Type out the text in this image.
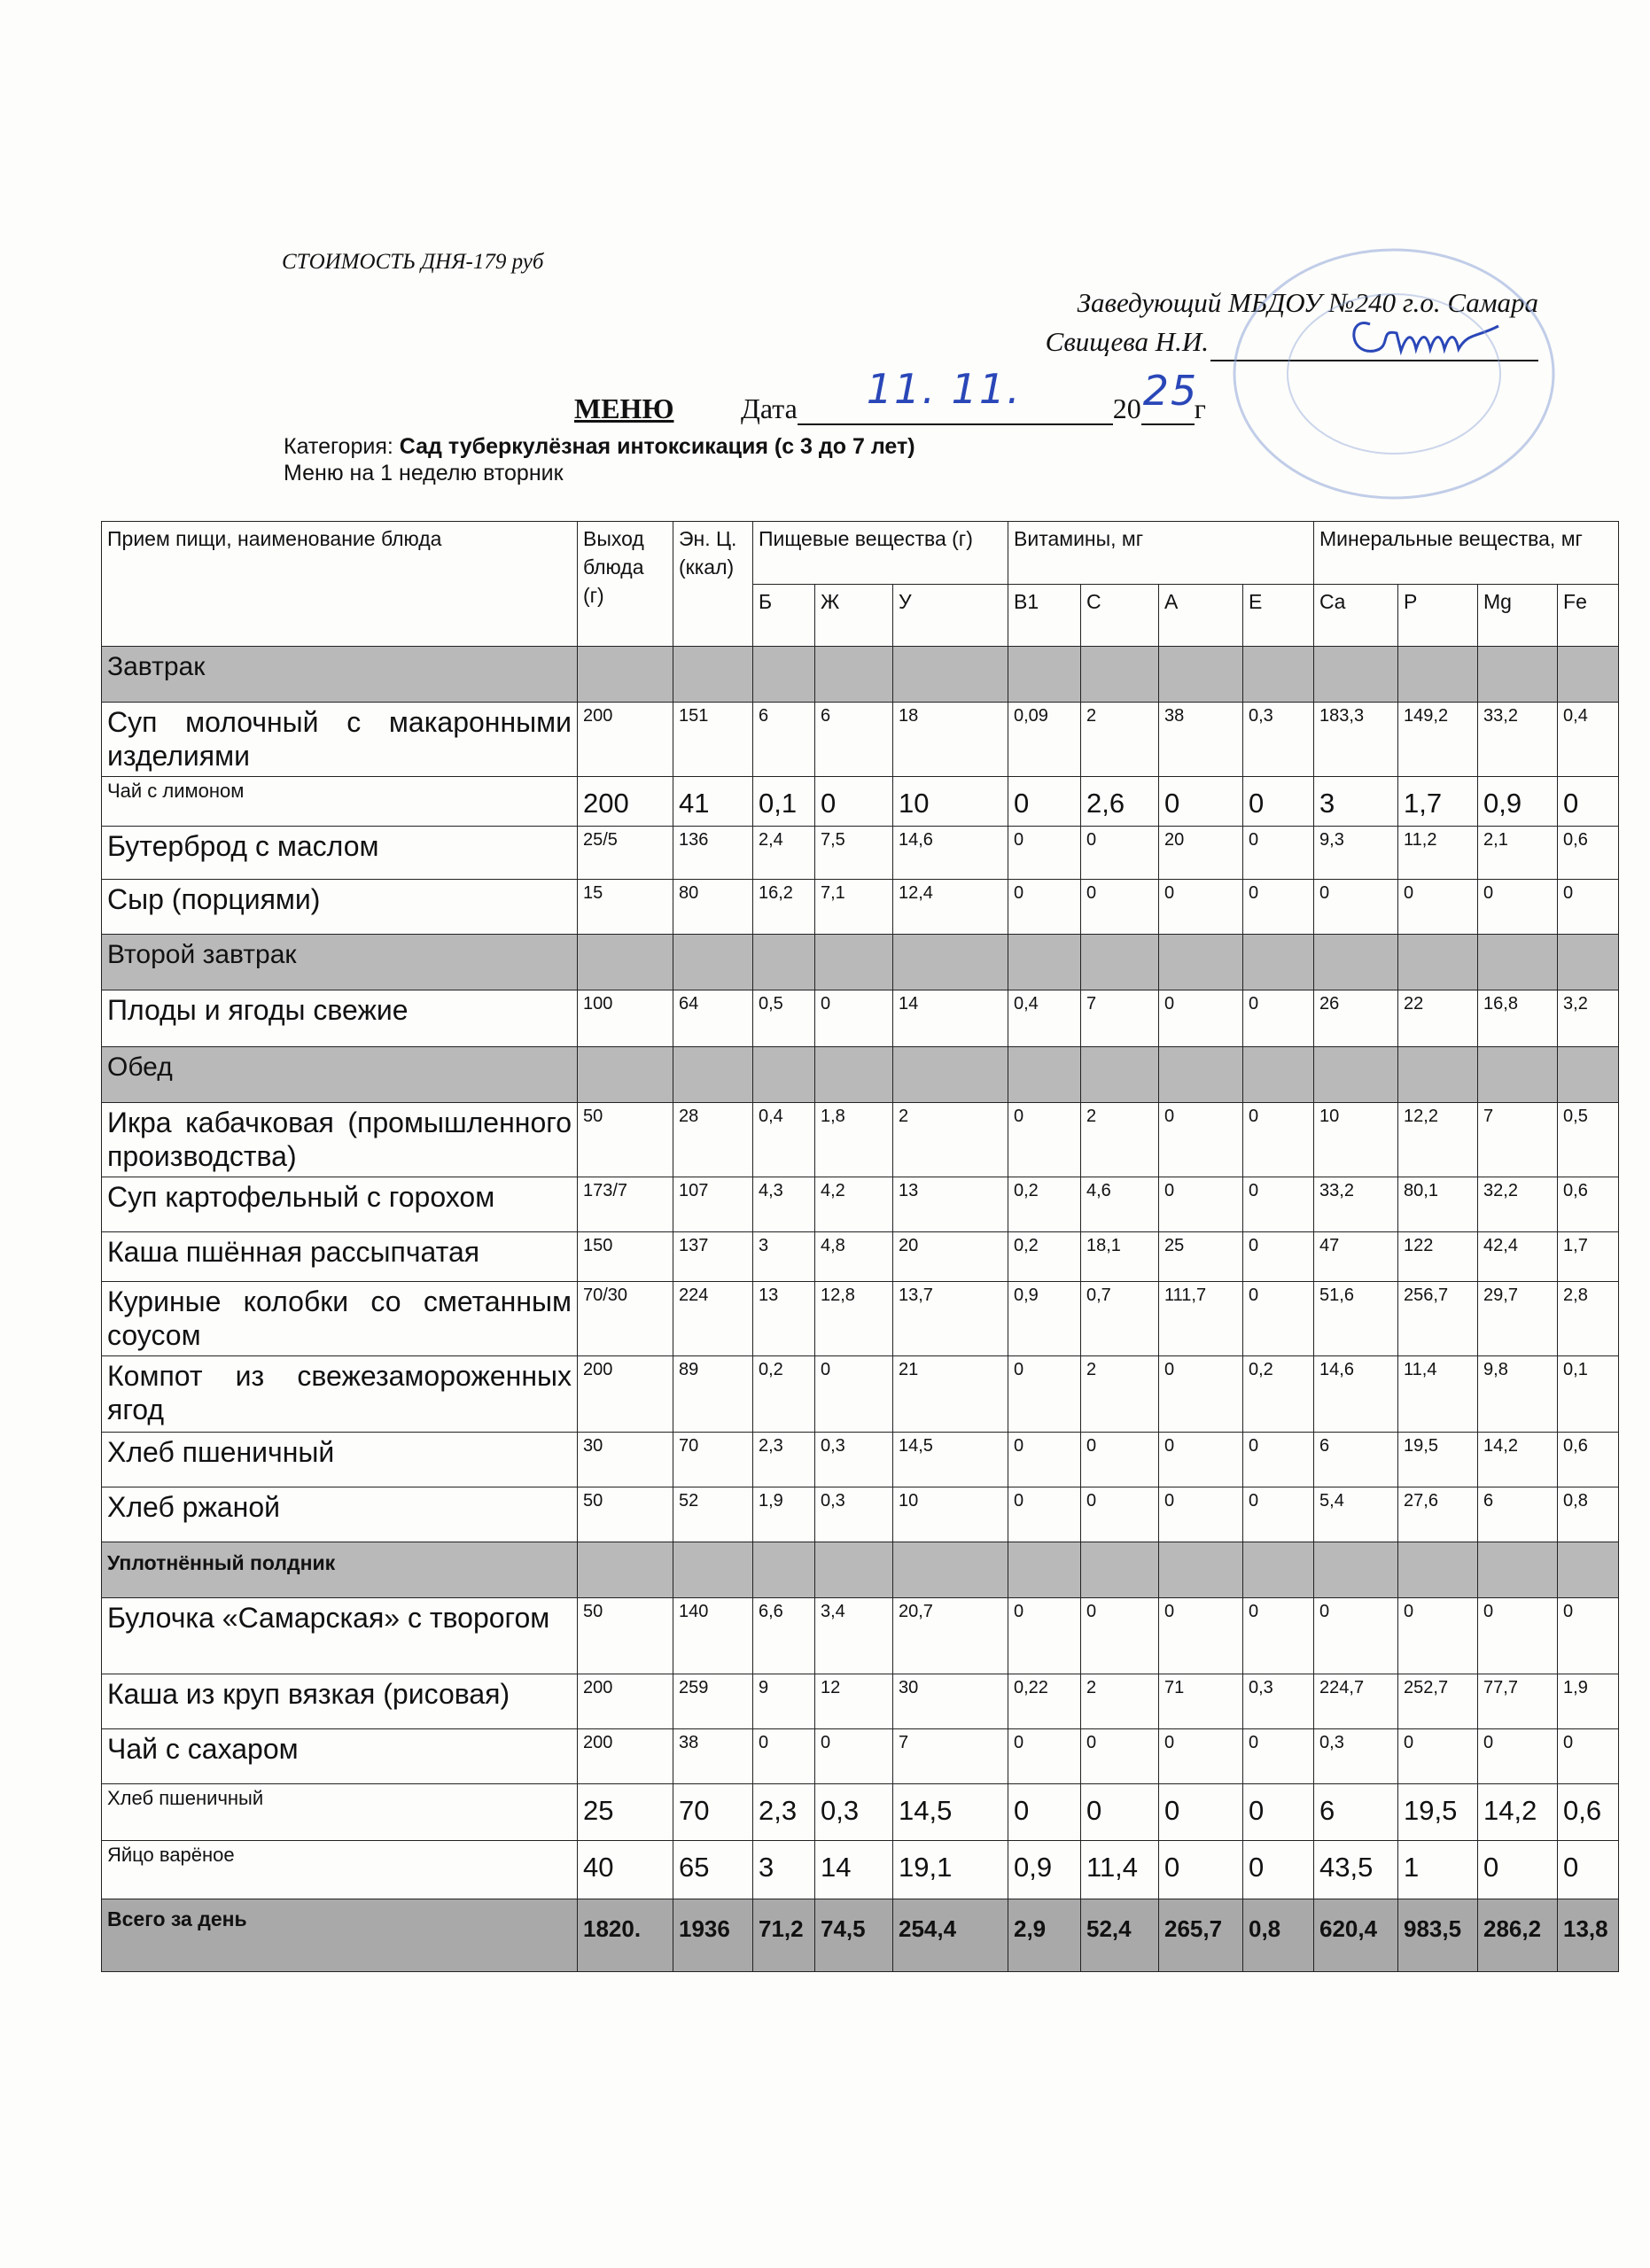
СТОИМОСТЬ ДНЯ-179 руб
Заведующий МБДОУ №240 г.о. Самара
Свищева Н.И.
МЕНЮ Дата 11. 11.	20 25
г
Категория: Сад туберкулёзная интоксикация (с 3 до 7 лет)
Меню на 1 неделю вторник
Прием пищи, наименование блюда	Выход блюда (г)	Эн. Ц. (ккал)	Пищевые вещества (г)			Витамины, мг				Минеральные вещества, мг			
			Б	Ж	У	В1	С	А	Е	Ca	P	Mg	Fe
Завтрак													
Суп молочный с макаронными изделиями	200	151	6	6	18	0,09	2	38	0,3	183,3	149,2	33,2	0,4
Чай с лимоном	200	41	0,1	0	10	0	2,6	0	0	3	1,7	0,9	0
Бутерброд с маслом	25/5	136	2,4	7,5	14,6	0	0	20	0	9,3	11,2	2,1	0,6
Сыр (порциями)	15	80	16,2	7,1	12,4	0	0	0	0	0	0	0	0
Второй завтрак													
Плоды и ягоды свежие	100	64	0,5	0	14	0,4	7	0	0	26	22	16,8	3,2
Обед													
Икра кабачковая (промышленного производства)	50	28	0,4	1,8	2	0	2	0	0	10	12,2	7	0,5
Суп картофельный с горохом	173/7	107	4,3	4,2	13	0,2	4,6	0	0	33,2	80,1	32,2	0,6
Каша пшённая рассыпчатая	150	137	3	4,8	20	0,2	18,1	25	0	47	122	42,4	1,7
Куриные колобки со сметанным соусом	70/30	224	13	12,8	13,7	0,9	0,7	111,7	0	51,6	256,7	29,7	2,8
Компот из свежезамороженных ягод	200	89	0,2	0	21	0	2	0	0,2	14,6	11,4	9,8	0,1
Хлеб пшеничный	30	70	2,3	0,3	14,5	0	0	0	0	6	19,5	14,2	0,6
Хлеб ржаной	50	52	1,9	0,3	10	0	0	0	0	5,4	27,6	6	0,8
Уплотнённый полдник													
Булочка «Самарская» с творогом	50	140	6,6	3,4	20,7	0	0	0	0	0	0	0	0
Каша из круп вязкая (рисовая)	200	259	9	12	30	0,22	2	71	0,3	224,7	252,7	77,7	1,9
Чай с сахаром	200	38	0	0	7	0	0	0	0	0,3	0	0	0
Хлеб пшеничный	25	70	2,3	0,3	14,5	0	0	0	0	6	19,5	14,2	0,6
Яйцо варёное	40	65	3	14	19,1	0,9	11,4	0	0	43,5	1	0	0
Всего за день	1820.	1936	71,2	74,5	254,4	2,9	52,4	265,7	0,8	620,4	983,5	286,2	13,8
